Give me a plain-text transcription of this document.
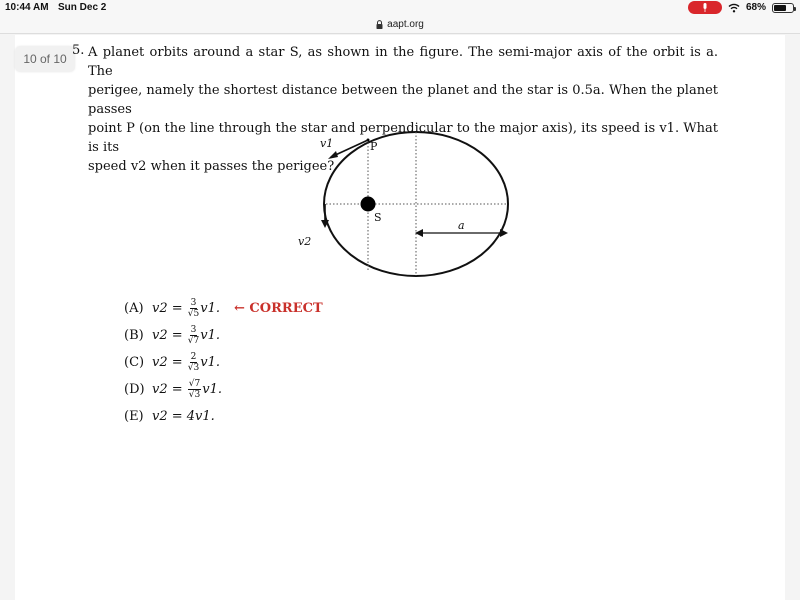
10:44 AM Sun Dec 2	68%
aapt.org
10 of 10
5. A planet orbits around a star S, as shown in the figure. The semi-major axis of the orbit is a. The
perigee, namely the shortest distance between the planet and the star is 0.5a. When the planet passes
point P (on the line through the star and perpendicular to the major axis), its speed is v1. What is its
speed v2 when it passes the perigee?
v1	P
S
a
v2
(A) v2 =
$\frac{3}{√5} v1$. ← CORRECT
(B) v2 =
$\frac{3}{√7} v1$.
(C) v2 =
$\frac{2}{√3} v1$.
(D) v2 =
$\frac{√7}{√3} v1$.
(E) v2 = 4v1.
